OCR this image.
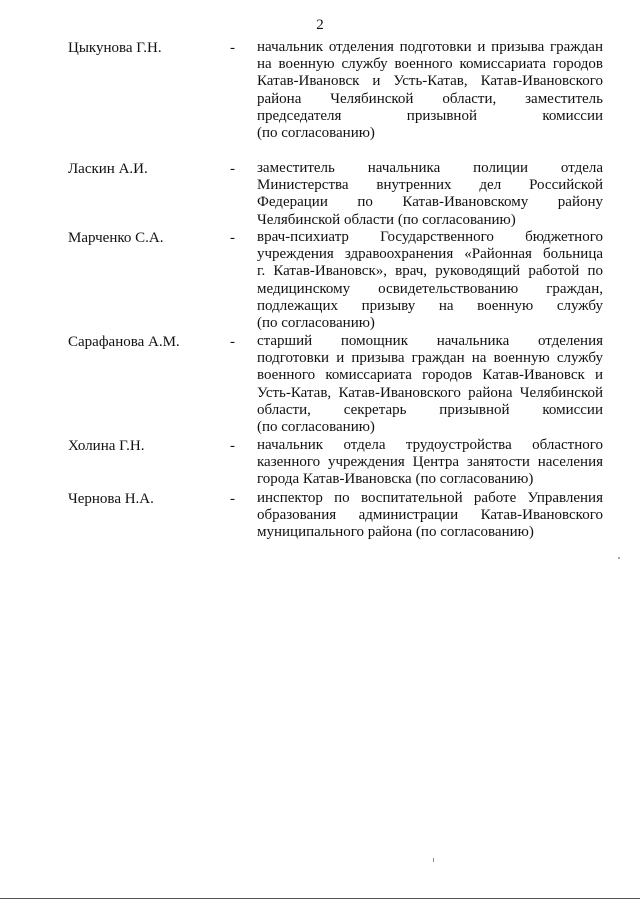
2
Цыкунова Г.Н.	-	начальник отделения подготовки и призыва граждан
на военную службу военного комиссариата городов
Катав-Ивановск и Усть-Катав, Катав-Ивановского
района Челябинской области, заместитель
председателя призывной комиссии
(по согласованию)
Ласкин А.И.	-	заместитель начальника полиции отдела
Министерства внутренних дел Российской
Федерации по Катав-Ивановскому району
Челябинской области (по согласованию)
Марченко С.А.	-	врач-психиатр Государственного бюджетного
учреждения здравоохранения «Районная больница
г. Катав-Ивановск», врач, руководящий работой по
медицинскому освидетельствованию граждан,
подлежащих призыву на военную службу
(по согласованию)
Сарафанова А.М.	-	старший помощник начальника отделения
подготовки и призыва граждан на военную службу
военного комиссариата городов Катав-Ивановск и
Усть-Катав, Катав-Ивановского района Челябинской
области, секретарь призывной комиссии
(по согласованию)
Холина Г.Н.	-	начальник отдела трудоустройства областного
казенного учреждения Центра занятости населения
города Катав-Ивановска (по согласованию)
Чернова Н.А.	-	инспектор по воспитательной работе Управления
образования администрации Катав-Ивановского
муниципального района (по согласованию)
